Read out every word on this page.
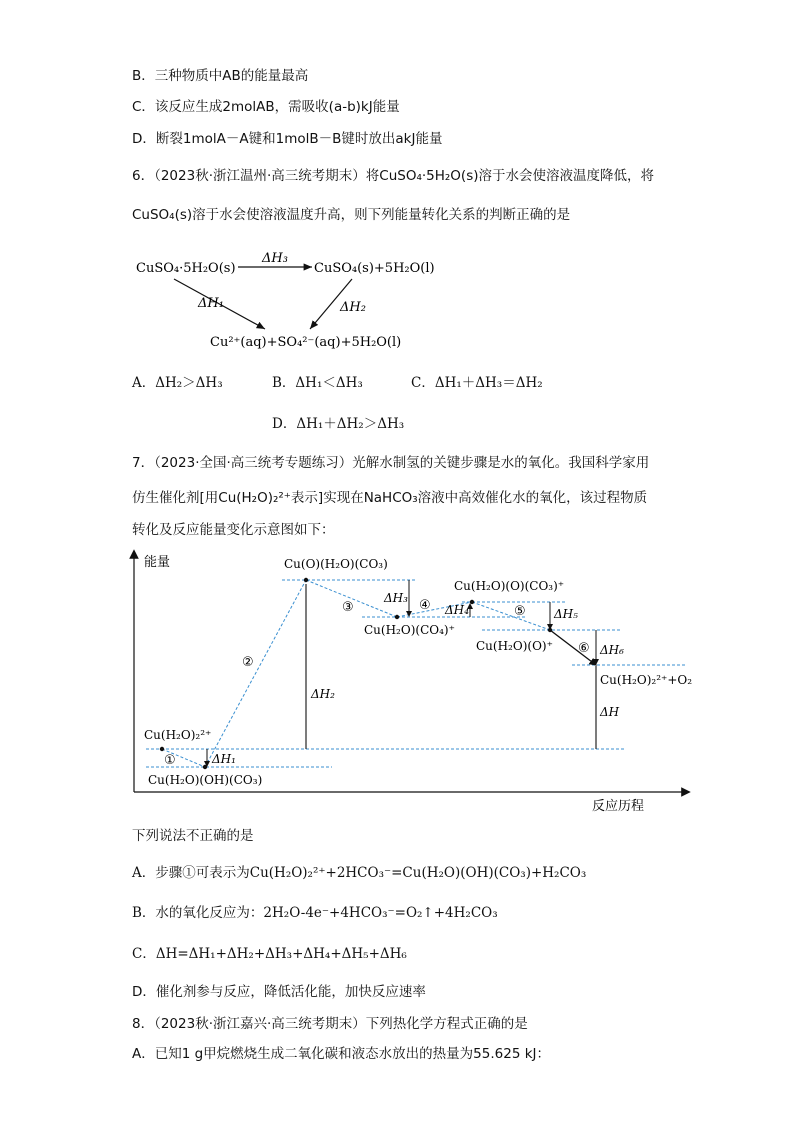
B．三种物质中AB的能量最高
C．该反应生成2molAB，需吸收(a-b)kJ能量
D．断裂1molA－A键和1molB－B键时放出akJ能量
6．（2023秋·浙江温州·高三统考期末）将CuSO₄·5H₂O(s)溶于水会使溶液温度降低，将
CuSO₄(s)溶于水会使溶液温度升高，则下列能量转化关系的判断正确的是
CuSO₄·5H₂O(s)
ΔH₃
CuSO₄(s)+5H₂O(l)
ΔH₁	ΔH₂
Cu²⁺(aq)+SO₄²⁻(aq)+5H₂O(l)
A．ΔH₂＞ΔH₃	B．ΔH₁＜ΔH₃	C．ΔH₁＋ΔH₃＝ΔH₂
D．ΔH₁＋ΔH₂＞ΔH₃
7．（2023·全国·高三统考专题练习）光解水制氢的关键步骤是水的氧化。我国科学家用
仿生催化剂[用Cu(H₂O)₂²⁺表示]实现在NaHCO₃溶液中高效催化水的氧化，该过程物质
转化及反应能量变化示意图如下：
能量
反应历程
Cu(H₂O)₂²⁺
Cu(H₂O)(OH)(CO₃)
Cu(O)(H₂O)(CO₃)
Cu(H₂O)(CO₄)⁺
Cu(H₂O)(O)(CO₃)⁺
Cu(H₂O)(O)⁺
Cu(H₂O)₂²⁺+O₂
①
②
③	④	⑤
⑥
ΔH₁
ΔH₂
ΔH₃
ΔH₄	ΔH₅
ΔH₆
ΔH
下列说法不正确的是
A．步骤①可表示为Cu(H₂O)₂²⁺+2HCO₃⁻=Cu(H₂O)(OH)(CO₃)+H₂CO₃
B．水的氧化反应为：2H₂O-4e⁻+4HCO₃⁻=O₂↑+4H₂CO₃
C．ΔH=ΔH₁+ΔH₂+ΔH₃+ΔH₄+ΔH₅+ΔH₆
D．催化剂参与反应，降低活化能，加快反应速率
8．（2023秋·浙江嘉兴·高三统考期末）下列热化学方程式正确的是
A．已知1 g甲烷燃烧生成二氧化碳和液态水放出的热量为55.625 kJ：
